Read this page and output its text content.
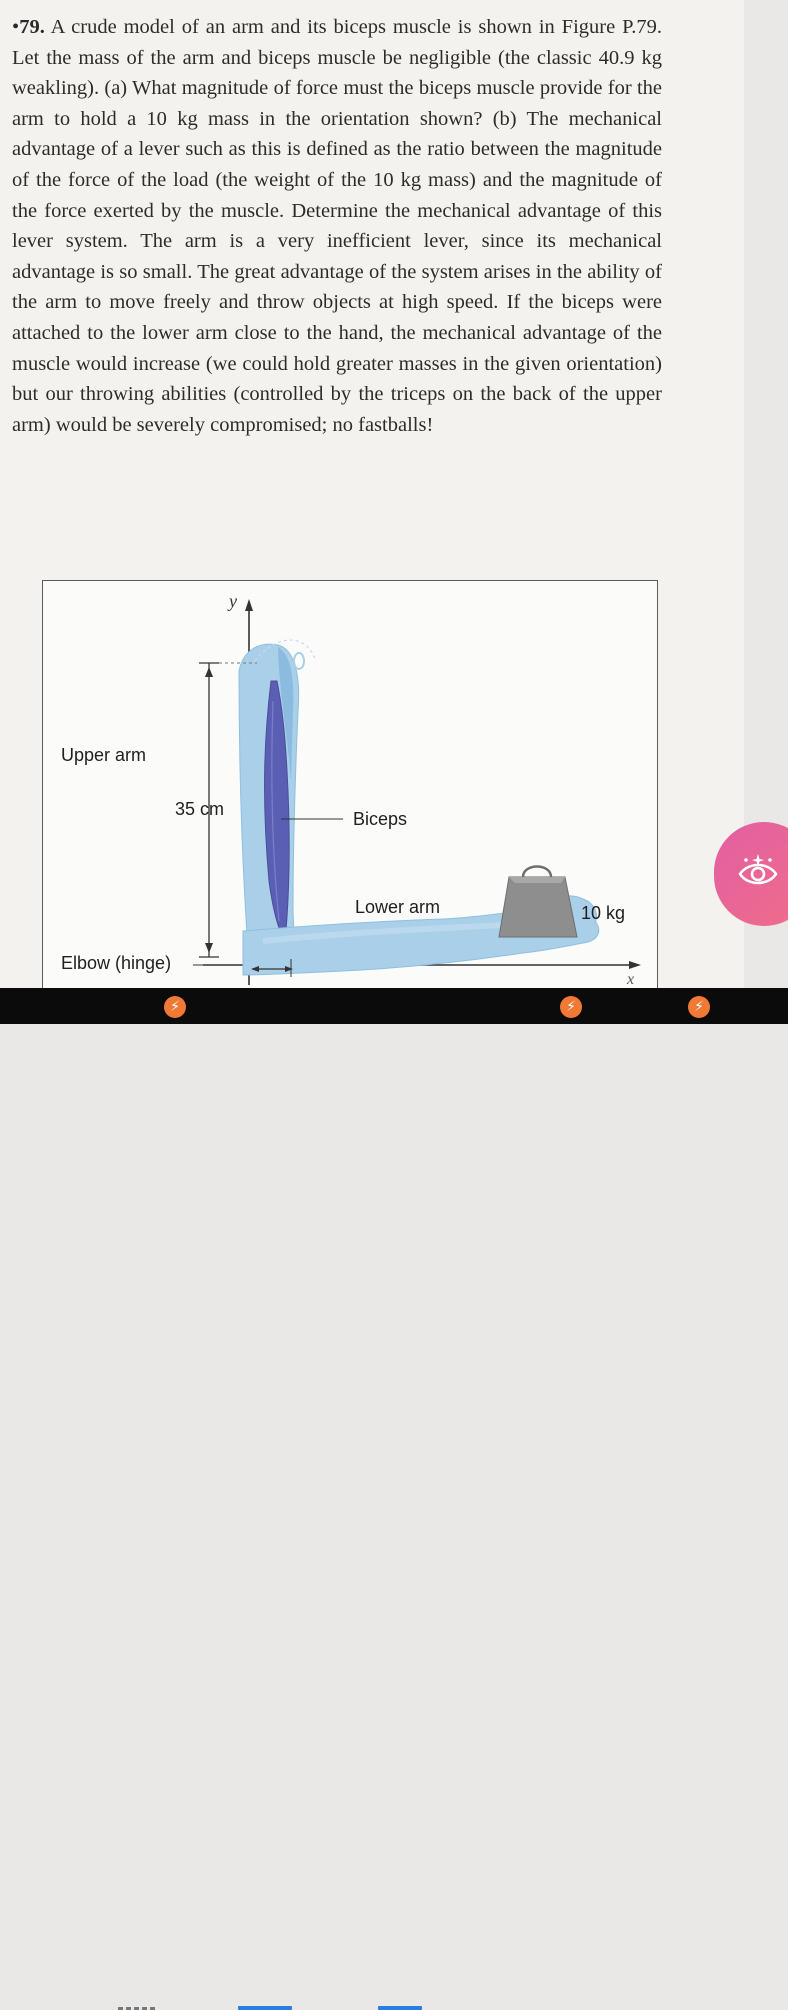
•79. A crude model of an arm and its biceps muscle is shown in Figure P.79. Let the mass of the arm and biceps muscle be negligible (the classic 40.9 kg weakling). (a) What magnitude of force must the biceps muscle provide for the arm to hold a 10 kg mass in the orientation shown? (b) The mechanical advantage of a lever such as this is defined as the ratio between the magnitude of the force of the load (the weight of the 10 kg mass) and the magnitude of the force exerted by the muscle. Determine the mechanical advantage of this lever system. The arm is a very inefficient lever, since its mechanical advantage is so small. The great advantage of the system arises in the ability of the arm to move freely and throw objects at high speed. If the biceps were attached to the lower arm close to the hand, the mechanical advantage of the muscle would increase (we could hold greater masses in the given orientation) but our throwing abilities (controlled by the triceps on the back of the upper arm) would be severely compromised; no fastballs!
y
x
Upper arm
35 cm	Biceps
Lower arm	10 kg
Elbow (hinge)
⚡	⚡	⚡
